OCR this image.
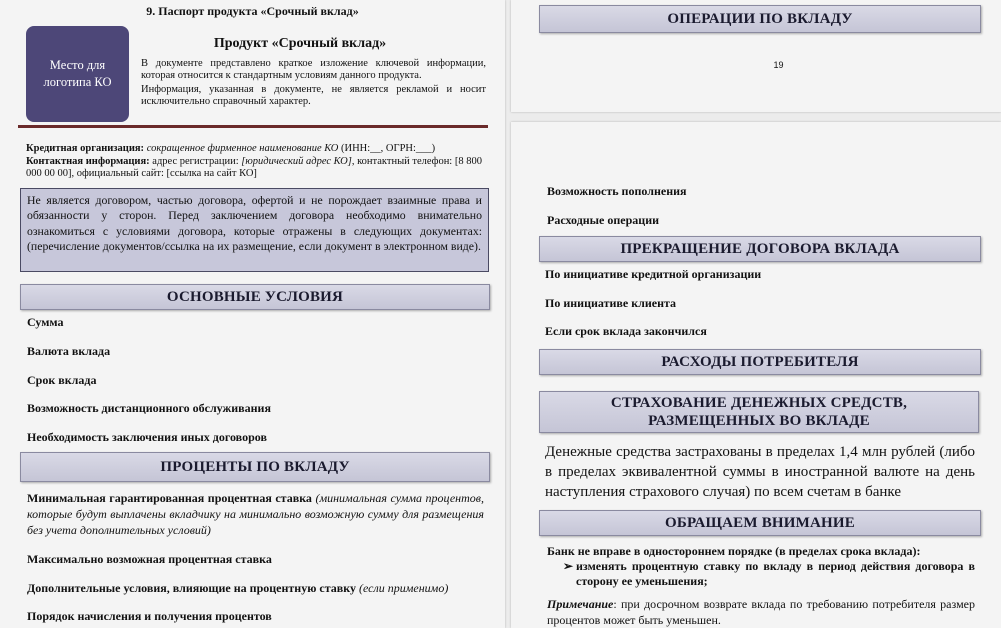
9. Паспорт продукта «Срочный вклад»
Место для
логотипа КО
Продукт «Срочный вклад»
В документе представлено краткое изложение ключевой информации, которая относится к стандартным условиям данного продукта.
Информация, указанная в документе, не является рекламой и носит исключительно справочный характер.
Кредитная организация: сокращенное фирменное наименование КО (ИНН:__, ОГРН:___)
Контактная информация: адрес регистрации: [юридический адрес КО], контактный телефон: [8 800 000 00 00], официальный сайт: [ссылка на сайт КО]
Не является договором, частью договора, офертой и не порождает взаимные права и обязанности у сторон. Перед заключением договора необходимо внимательно ознакомиться с условиями договора, которые отражены в следующих документах: (перечисление документов/ссылка на их размещение, если документ в электронном виде).
ОСНОВНЫЕ УСЛОВИЯ
Сумма
Валюта вклада
Срок вклада
Возможность дистанционного обслуживания
Необходимость заключения иных договоров
ПРОЦЕНТЫ ПО ВКЛАДУ
Минимальная гарантированная процентная ставка (минимальная сумма процентов, которые будут выплачены вкладчику на минимально возможную сумму для размещения без учета дополнительных условий)
Максимально возможная процентная ставка
Дополнительные условия, влияющие на процентную ставку (если применимо)
Порядок начисления и получения процентов
ОПЕРАЦИИ ПО ВКЛАДУ
19
Возможность пополнения
Расходные операции
ПРЕКРАЩЕНИЕ ДОГОВОРА ВКЛАДА
По инициативе кредитной организации
По инициативе клиента
Если срок вклада закончился
РАСХОДЫ ПОТРЕБИТЕЛЯ
СТРАХОВАНИЕ ДЕНЕЖНЫХ СРЕДСТВ, РАЗМЕЩЕННЫХ ВО ВКЛАДЕ
Денежные средства застрахованы в пределах 1,4 млн рублей (либо в пределах эквивалентной суммы в иностранной валюте на день наступления страхового случая) по всем счетам в банке
ОБРАЩАЕМ ВНИМАНИЕ
Банк не вправе в одностороннем порядке (в пределах срока вклада):
➢ изменять процентную ставку по вкладу в период действия договора в сторону ее уменьшения;
Примечание: при досрочном возврате вклада по требованию потребителя размер процентов может быть уменьшен.
